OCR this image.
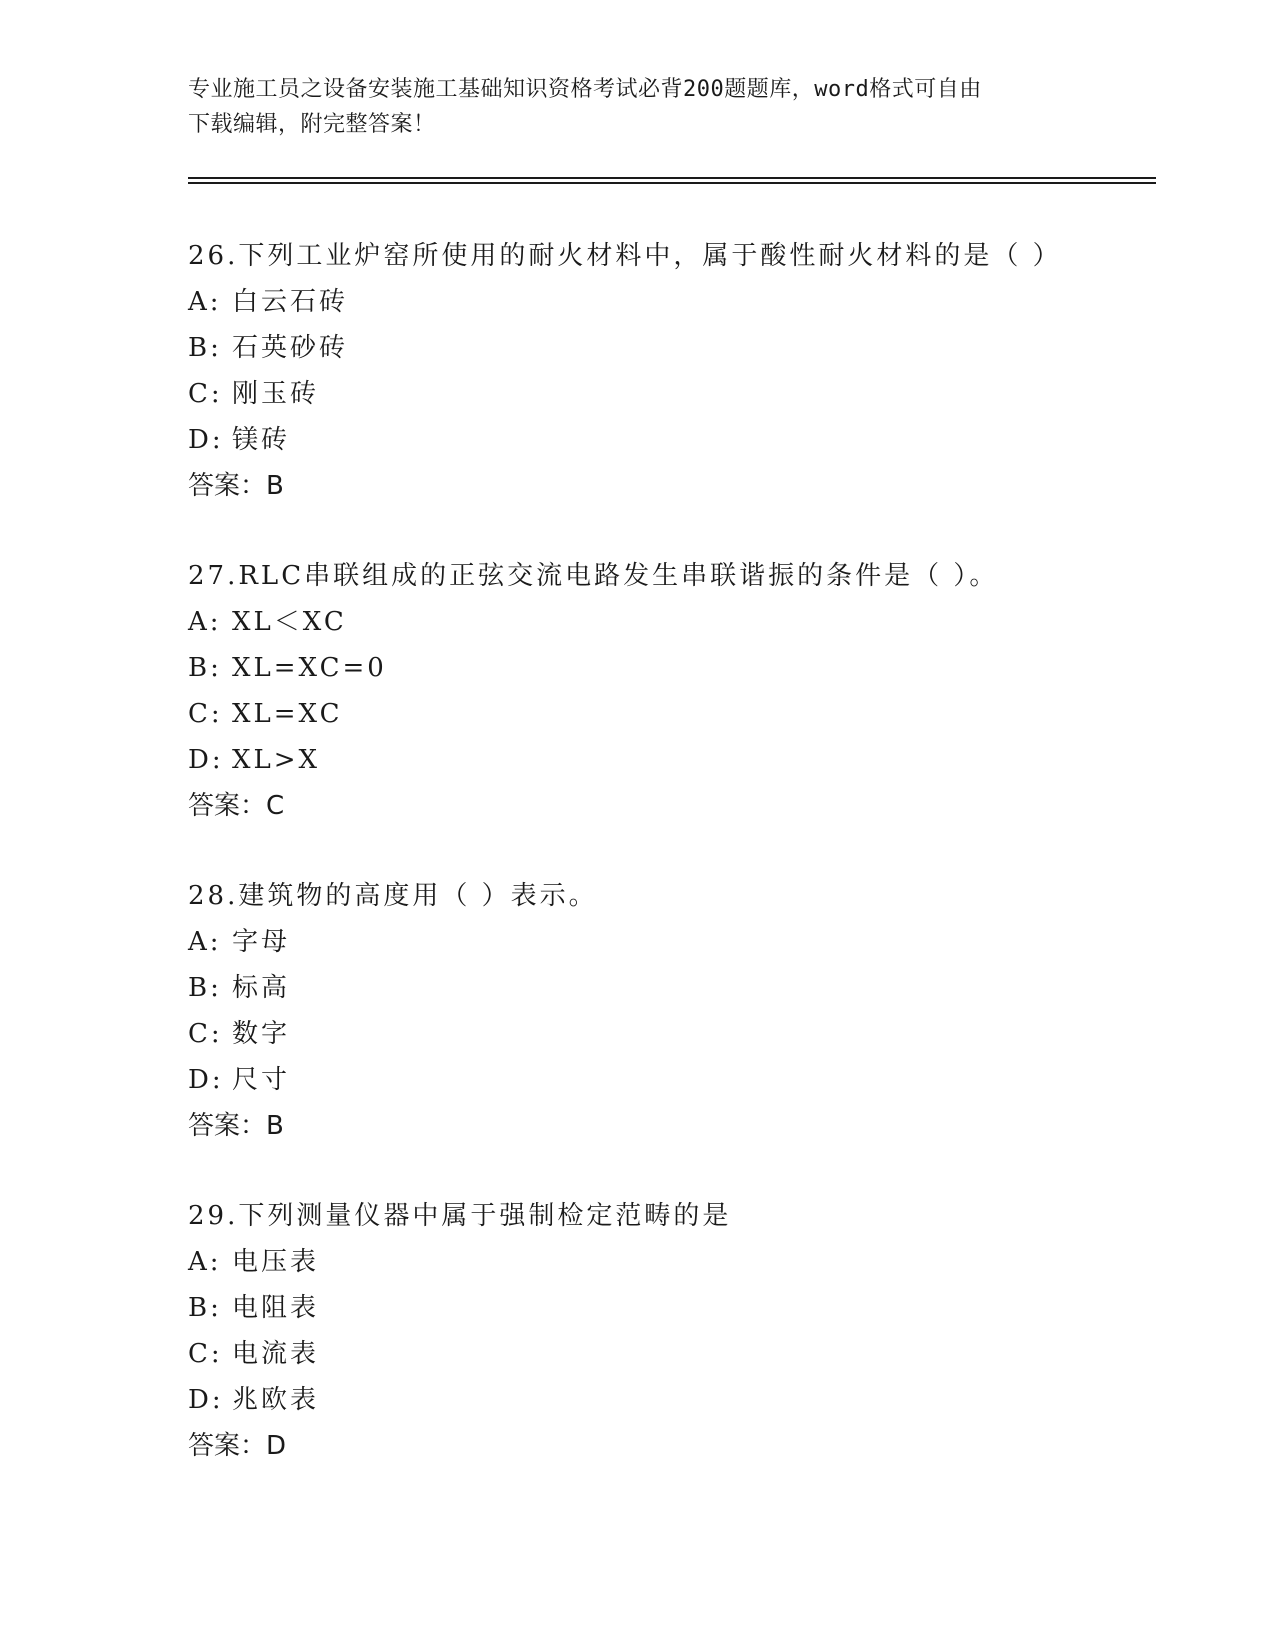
专业施工员之设备安装施工基础知识资格考试必背200题题库，word格式可自由
下载编辑，附完整答案！
26.下列工业炉窑所使用的耐火材料中，属于酸性耐火材料的是（ ）
A: 白云石砖
B: 石英砂砖
C: 刚玉砖
D: 镁砖
答案：B
27.RLC串联组成的正弦交流电路发生串联谐振的条件是（ ）。
A: XL＜XC
B: XL=XC=0
C: XL=XC
D: XL>X
答案：C
28.建筑物的高度用（ ）表示。
A: 字母
B: 标高
C: 数字
D: 尺寸
答案：B
29.下列测量仪器中属于强制检定范畴的是
A: 电压表
B: 电阻表
C: 电流表
D: 兆欧表
答案：D
